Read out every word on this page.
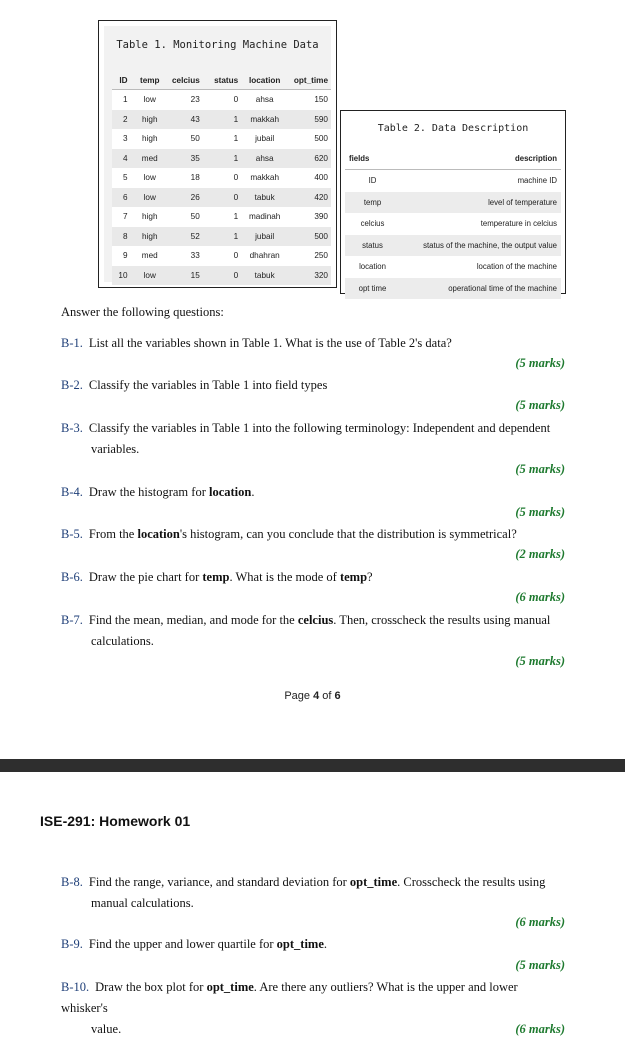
Table 1. Monitoring Machine Data
ID	temp	celcius	status	location	opt_time
1	low	23	0	ahsa	150
2	high	43	1	makkah	590
3	high	50	1	jubail	500
4	med	35	1	ahsa	620
5	low	18	0	makkah	400
6	low	26	0	tabuk	420
7	high	50	1	madinah	390
8	high	52	1	jubail	500
9	med	33	0	dhahran	250
10	low	15	0	tabuk	320
Table 2. Data Description
fields	description
ID	machine ID
temp	level of temperature
celcius	temperature in celcius
status	status of the machine, the output value
location	location of the machine
opt time	operational time of the machine
Answer the following questions:
B-1. List all the variables shown in Table 1. What is the use of Table 2's data?
(5 marks)
B-2. Classify the variables in Table 1 into field types
(5 marks)
B-3. Classify the variables in Table 1 into the following terminology: Independent and dependent
variables.
(5 marks)
B-4. Draw the histogram for location.
(5 marks)
B-5. From the location's histogram, can you conclude that the distribution is symmetrical?
(2 marks)
B-6. Draw the pie chart for temp. What is the mode of temp?
(6 marks)
B-7. Find the mean, median, and mode for the celcius. Then, crosscheck the results using manual
calculations.
(5 marks)
B-8. Find the range, variance, and standard deviation for opt_time. Crosscheck the results using
manual calculations.
(6 marks)
B-9. Find the upper and lower quartile for opt_time.
(5 marks)
B-10. Draw the box plot for opt_time. Are there any outliers? What is the upper and lower whisker's
value.	(6 marks)
Page 4 of 6
ISE-291: Homework 01
